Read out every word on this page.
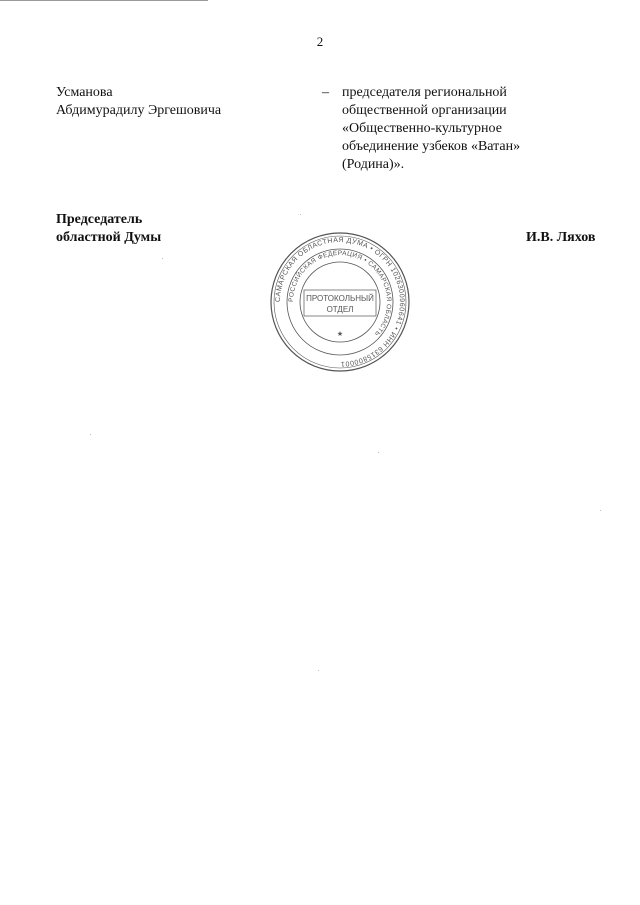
2
Усманова
Абдимурадилу Эргешовича
– председателя региональной
общественной организации
«Общественно-культурное
объединение узбеков «Ватан»
(Родина)».
Председатель
областной Думы	И.В. Ляхов
САМАРСКАЯ ОБЛАСТНАЯ ДУМА • ОГРН 1026300960641 • ИНН 6315800001
РОССИЙСКАЯ ФЕДЕРАЦИЯ • САМАРСКАЯ ОБЛАСТЬ
ПРОТОКОЛЬНЫЙ
ОТДЕЛ
★
